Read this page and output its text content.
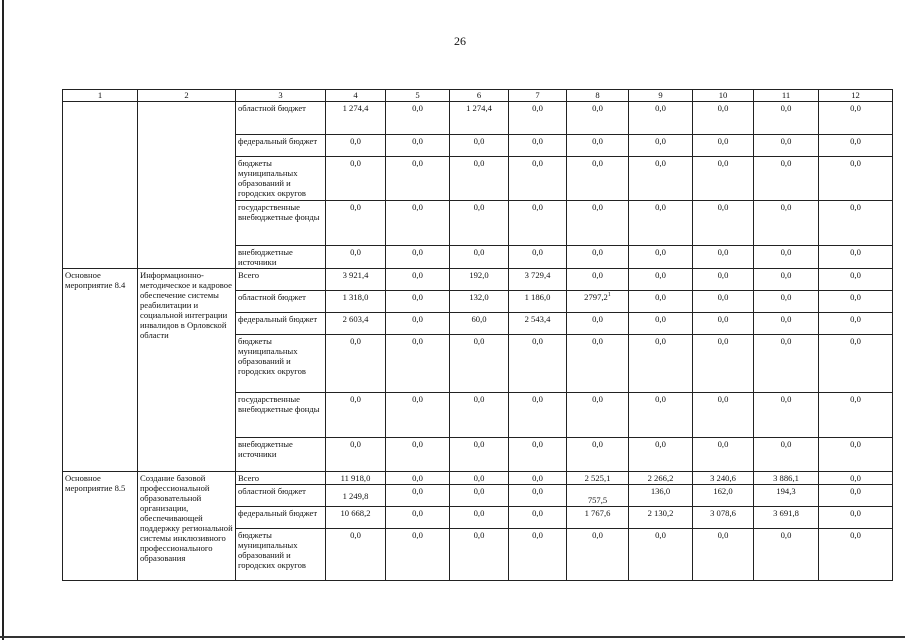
26
1	2	3	4	5	6	7	8	9	10	11	12
		областной бюджет	1 274,4	0,0	1 274,4	0,0	0,0	0,0	0,0	0,0	0,0
		федеральный бюджет	0,0	0,0	0,0	0,0	0,0	0,0	0,0	0,0	0,0
		бюджеты муниципальных образований и городских округов	0,0	0,0	0,0	0,0	0,0	0,0	0,0	0,0	0,0
		государственные внебюджетные фонды	0,0	0,0	0,0	0,0	0,0	0,0	0,0	0,0	0,0
		внебюджетные источники	0,0	0,0	0,0	0,0	0,0	0,0	0,0	0,0	0,0
Основное мероприятие 8.4	Информационно-методическое и кадровое обеспечение системы реабилитации и социальной интеграции инвалидов в Орловской области	Всего	3 921,4	0,0	192,0	3 729,4	0,0	0,0	0,0	0,0	0,0
		областной бюджет	1 318,0	0,0	132,0	1 186,0	2797,2$^1$	0,0	0,0	0,0	0,0
		федеральный бюджет	2 603,4	0,0	60,0	2 543,4	0,0	0,0	0,0	0,0	0,0
		бюджеты муниципальных образований и городских округов	0,0	0,0	0,0	0,0	0,0	0,0	0,0	0,0	0,0
		государственные внебюджетные фонды	0,0	0,0	0,0	0,0	0,0	0,0	0,0	0,0	0,0
		внебюджетные источники	0,0	0,0	0,0	0,0	0,0	0,0	0,0	0,0	0,0
Основное мероприятие 8.5	Создание базовой профессиональной образовательной организации, обеспечивающей поддержку региональной системы инклюзивного профессионального образования	Всего	11 918,0	0,0	0,0	0,0	2 525,1	2 266,2	3 240,6	3 886,1	0,0
		областной бюджет	1 249,8	0,0	0,0	0,0	757,5	136,0	162,0	194,3	0,0
		федеральный бюджет	10 668,2	0,0	0,0	0,0	1 767,6	2 130,2	3 078,6	3 691,8	0,0
		бюджеты муниципальных образований и городских округов	0,0	0,0	0,0	0,0	0,0	0,0	0,0	0,0	0,0
